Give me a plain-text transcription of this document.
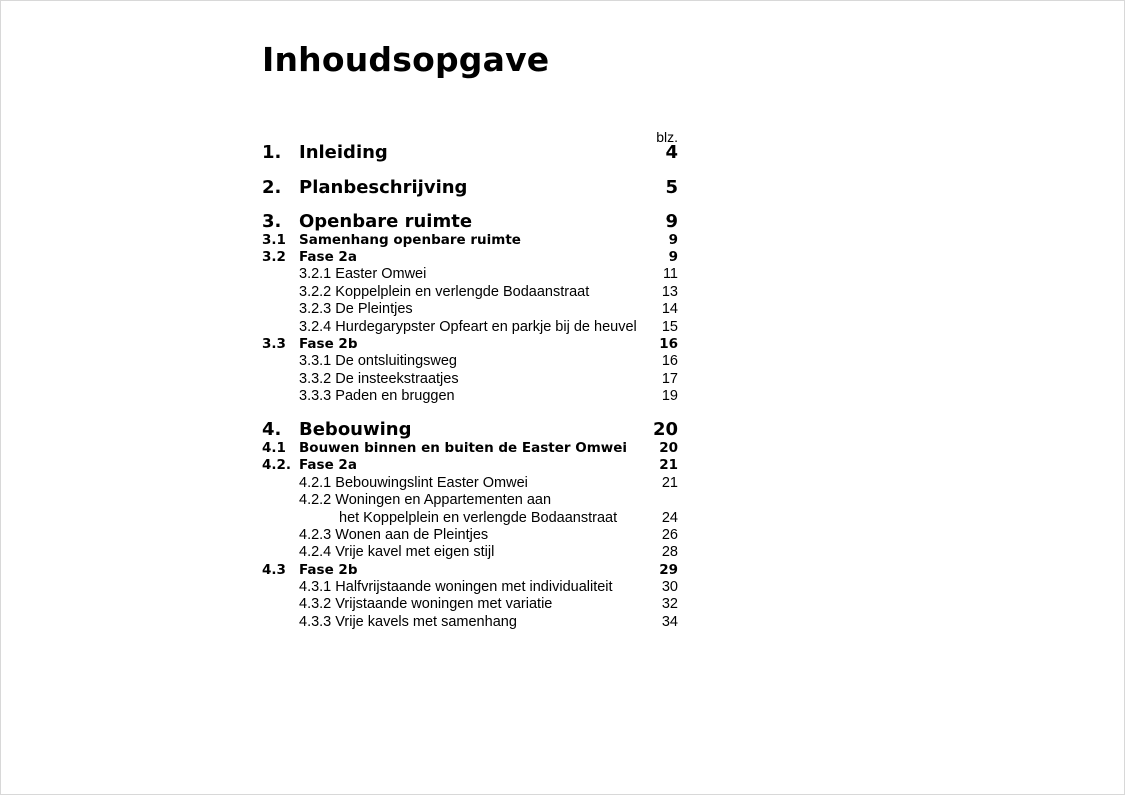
Inhoudsopgave
blz.
1. Inleiding	4
2. Planbeschrijving	5
3. Openbare ruimte	9
3.1 Samenhang openbare ruimte	9
3.2 Fase 2a	9
3.2.1 Easter Omwei	11
3.2.2 Koppelplein en verlengde Bodaanstraat	13
3.2.3 De Pleintjes	14
3.2.4 Hurdegarypster Opfeart en parkje bij de heuvel 15
3.3 Fase 2b	16
3.3.1 De ontsluitingsweg	16
3.3.2 De insteekstraatjes	17
3.3.3 Paden en bruggen	19
4. Bebouwing	20
4.1 Bouwen binnen en buiten de Easter Omwei 20
4.2. Fase 2a	21
4.2.1 Bebouwingslint Easter Omwei	21
4.2.2 Woningen en Appartementen aan
het Koppelplein en verlengde Bodaanstraat	24
4.2.3 Wonen aan de Pleintjes	26
4.2.4 Vrije kavel met eigen stijl	28
4.3 Fase 2b	29
4.3.1 Halfvrijstaande woningen met individualiteit	30
4.3.2 Vrijstaande woningen met variatie	32
4.3.3 Vrije kavels met samenhang	34
